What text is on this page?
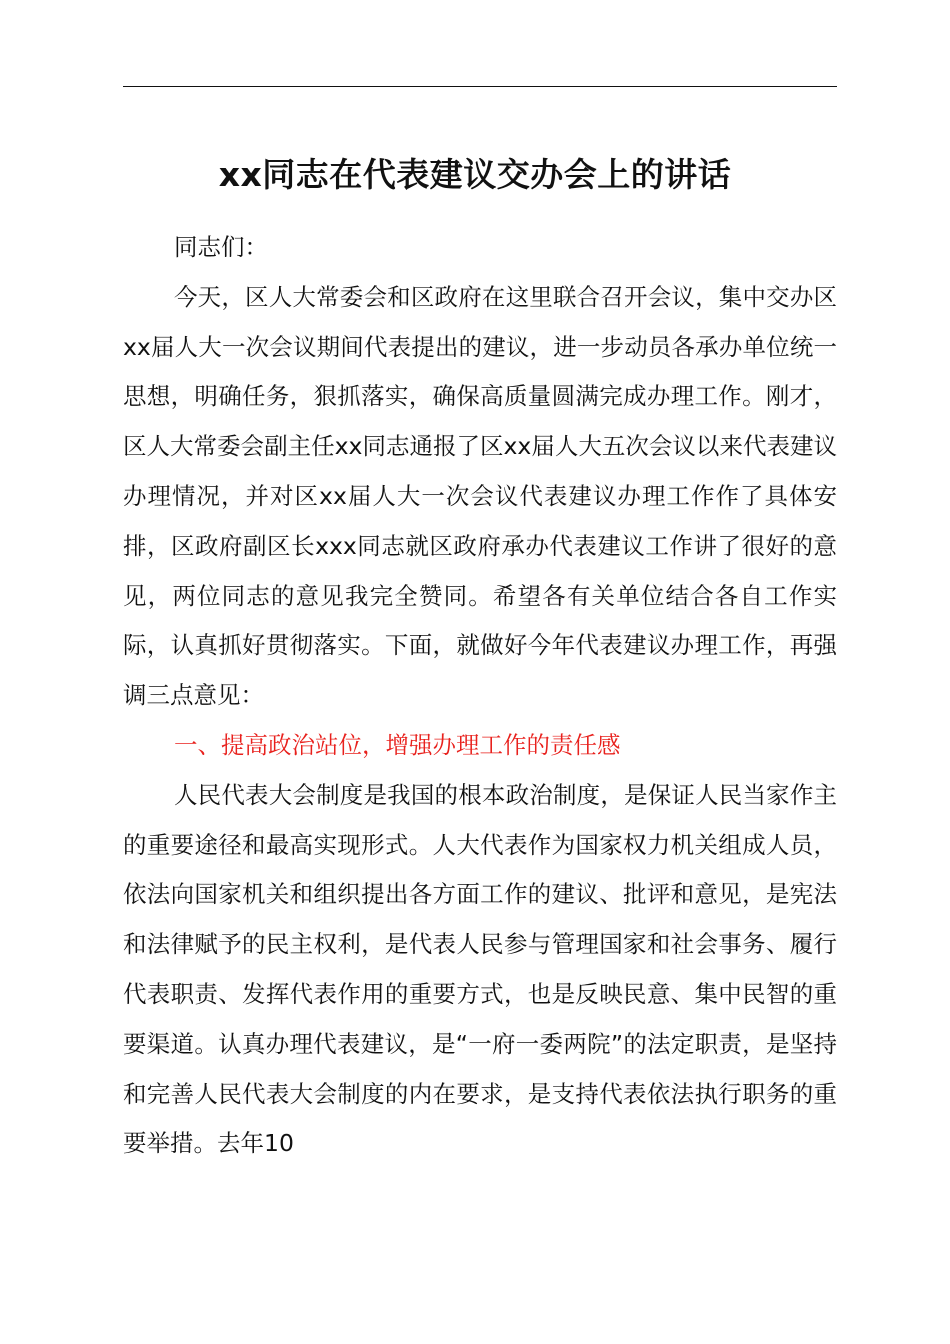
xx同志在代表建议交办会上的讲话

同志们：

今天，区人大常委会和区政府在这里联合召开会议，集中交办区xx届人大一次会议期间代表提出的建议，进一步动员各承办单位统一思想，明确任务，狠抓落实，确保高质量圆满完成办理工作。刚才，区人大常委会副主任xx同志通报了区xx届人大五次会议以来代表建议办理情况，并对区xx届人大一次会议代表建议办理工作作了具体安排，区政府副区长xxx同志就区政府承办代表建议工作讲了很好的意见，两位同志的意见我完全赞同。希望各有关单位结合各自工作实际，认真抓好贯彻落实。下面，就做好今年代表建议办理工作，再强调三点意见：

一、提高政治站位，增强办理工作的责任感

人民代表大会制度是我国的根本政治制度，是保证人民当家作主的重要途径和最高实现形式。人大代表作为国家权力机关组成人员，依法向国家机关和组织提出各方面工作的建议、批评和意见，是宪法和法律赋予的民主权利，是代表人民参与管理国家和社会事务、履行代表职责、发挥代表作用的重要方式，也是反映民意、集中民智的重要渠道。认真办理代表建议，是“一府一委两院”的法定职责，是坚持和完善人民代表大会制度的内在要求，是支持代表依法执行职务的重要举措。去年10
